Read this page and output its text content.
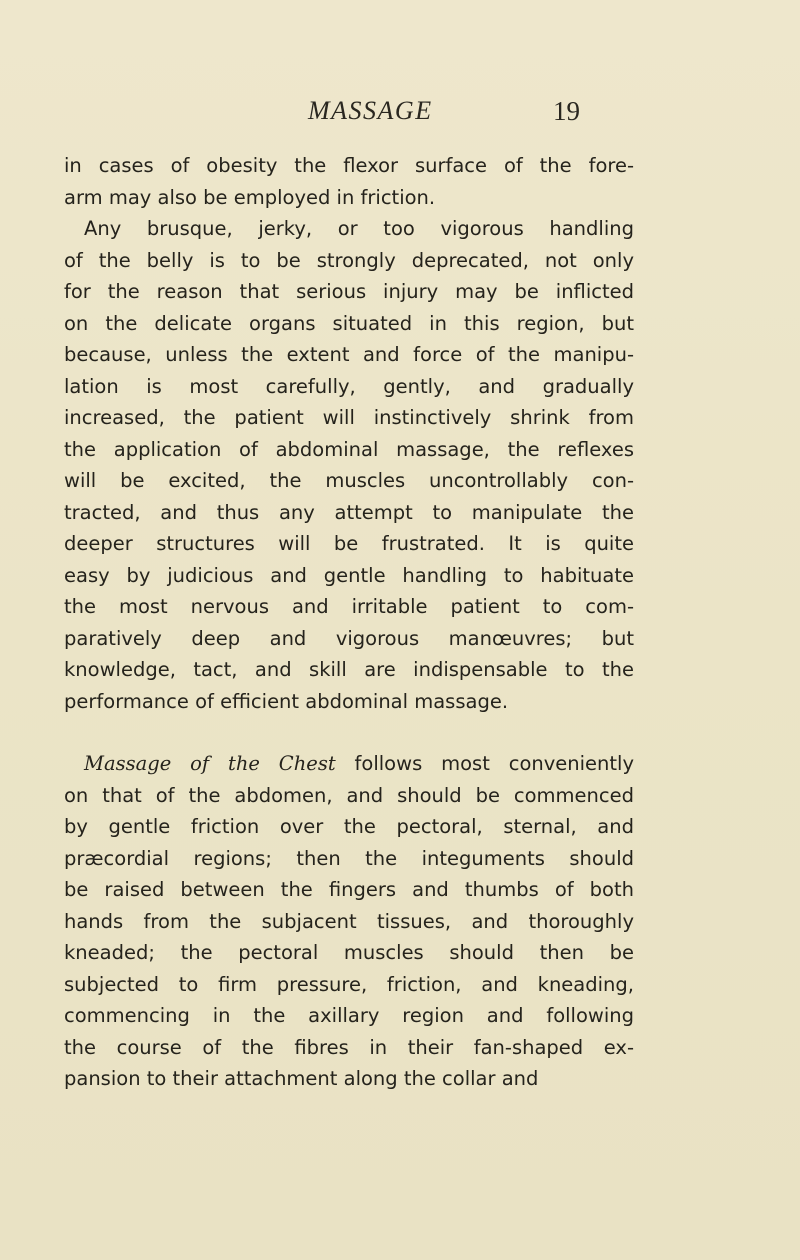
MASSAGE	19
in cases of obesity the flexor surface of the fore-
arm may also be employed in friction.
Any brusque, jerky, or too vigorous handling
of the belly is to be strongly deprecated, not only
for the reason that serious injury may be inflicted
on the delicate organs situated in this region, but
because, unless the extent and force of the manipu-
lation is most carefully, gently, and gradually
increased, the patient will instinctively shrink from
the application of abdominal massage, the reflexes
will be excited, the muscles uncontrollably con-
tracted, and thus any attempt to manipulate the
deeper structures will be frustrated. It is quite
easy by judicious and gentle handling to habituate
the most nervous and irritable patient to com-
paratively deep and vigorous manœuvres; but
knowledge, tact, and skill are indispensable to the
performance of efficient abdominal massage.
Massage of the Chest follows most conveniently
on that of the abdomen, and should be commenced
by gentle friction over the pectoral, sternal, and
præcordial regions; then the integuments should
be raised between the fingers and thumbs of both
hands from the subjacent tissues, and thoroughly
kneaded; the pectoral muscles should then be
subjected to firm pressure, friction, and kneading,
commencing in the axillary region and following
the course of the fibres in their fan-shaped ex-
pansion to their attachment along the collar and
